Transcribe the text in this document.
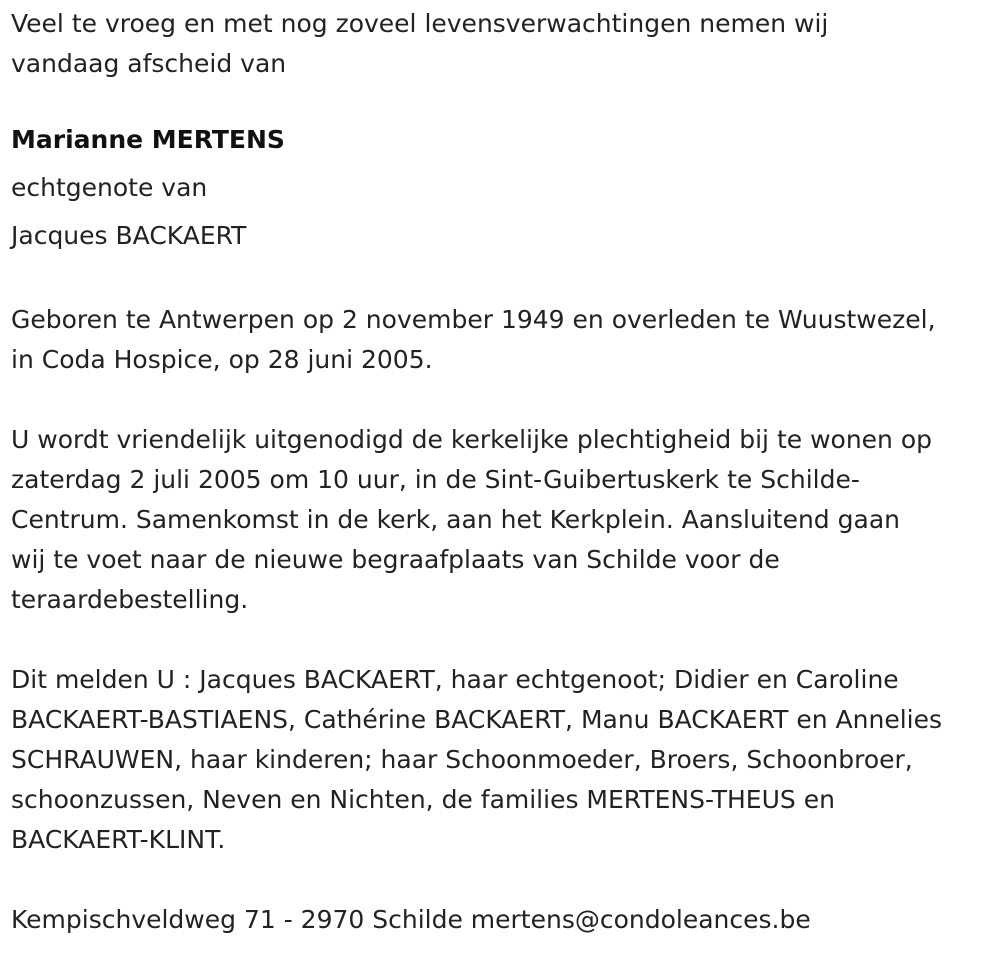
Veel te vroeg en met nog zoveel levensverwachtingen nemen wij
vandaag afscheid van
Marianne MERTENS
echtgenote van
Jacques BACKAERT
Geboren te Antwerpen op 2 november 1949 en overleden te Wuustwezel,
in Coda Hospice, op 28 juni 2005.
U wordt vriendelijk uitgenodigd de kerkelijke plechtigheid bij te wonen op
zaterdag 2 juli 2005 om 10 uur, in de Sint-Guibertuskerk te Schilde-
Centrum. Samenkomst in de kerk, aan het Kerkplein. Aansluitend gaan
wij te voet naar de nieuwe begraafplaats van Schilde voor de
teraardebestelling.
Dit melden U : Jacques BACKAERT, haar echtgenoot; Didier en Caroline
BACKAERT-BASTIAENS, Cathérine BACKAERT, Manu BACKAERT en Annelies
SCHRAUWEN, haar kinderen; haar Schoonmoeder, Broers, Schoonbroer,
schoonzussen, Neven en Nichten, de families MERTENS-THEUS en
BACKAERT-KLINT.
Kempischveldweg 71 - 2970 Schilde mertens@condoleances.be
